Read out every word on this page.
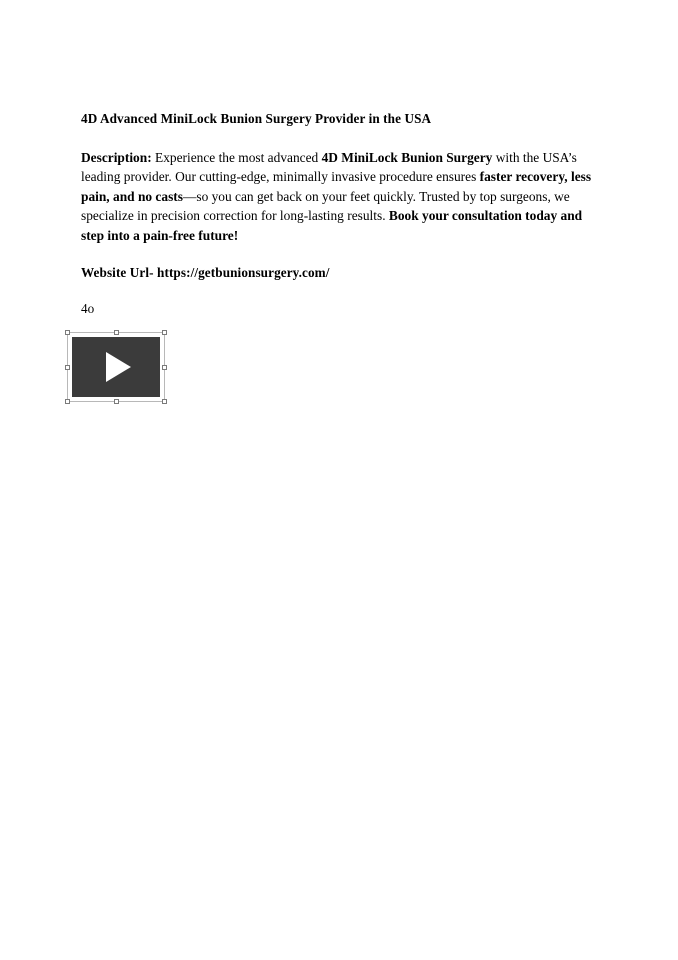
4D Advanced MiniLock Bunion Surgery Provider in the USA

Description: Experience the most advanced 4D MiniLock Bunion Surgery with the USA’s leading provider. Our cutting-edge, minimally invasive procedure ensures faster recovery, less pain, and no casts—so you can get back on your feet quickly. Trusted by top surgeons, we specialize in precision correction for long-lasting results. Book your consultation today and step into a pain-free future!

Website Url- https://getbunionsurgery.com/

4o
